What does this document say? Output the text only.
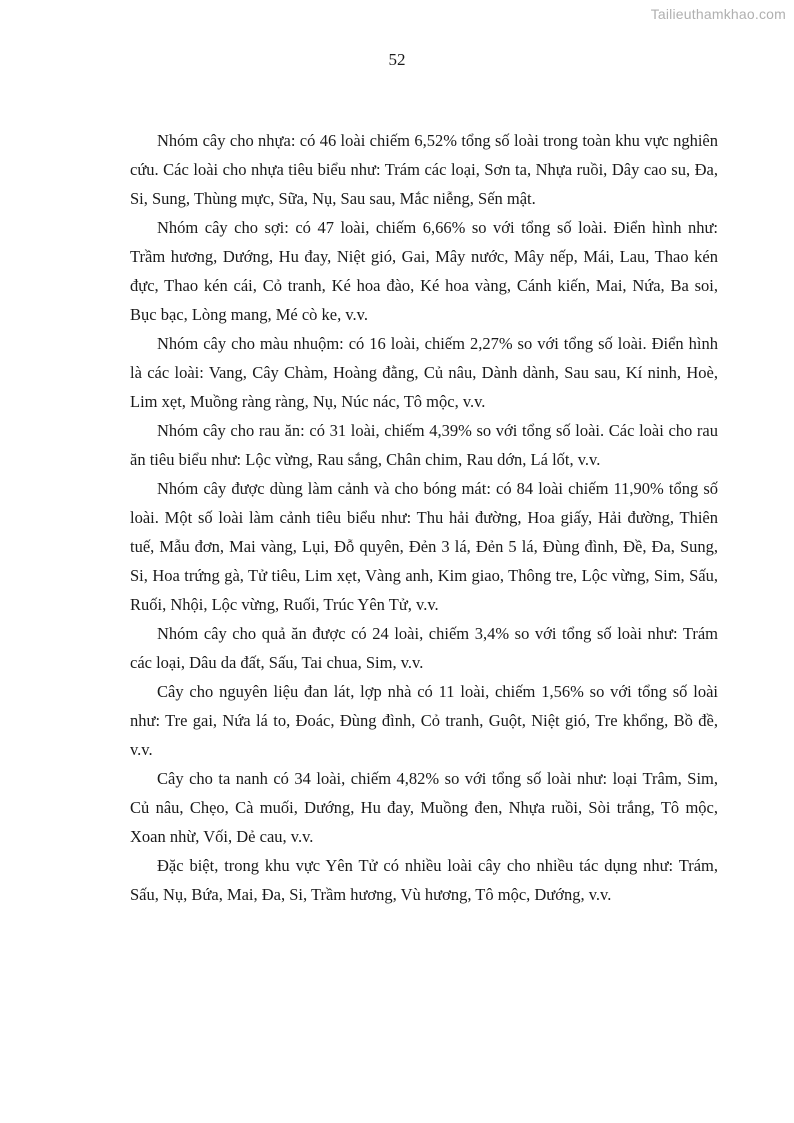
Tailieuthamkhao.com
52

Nhóm cây cho nhựa: có 46 loài chiếm 6,52% tổng số loài trong toàn khu vực nghiên cứu. Các loài cho nhựa tiêu biểu như: Trám các loại, Sơn ta, Nhựa ruồi, Dây cao su, Đa, Si, Sung, Thùng mực, Sữa, Nụ, Sau sau, Mắc niễng, Sến mật.

Nhóm cây cho sợi: có 47 loài, chiếm 6,66% so với tổng số loài. Điển hình như: Trầm hương, Dướng, Hu đay, Niệt gió, Gai, Mây nước, Mây nếp, Mái, Lau, Thao kén đực, Thao kén cái, Cỏ tranh, Ké hoa đào, Ké hoa vàng, Cánh kiến, Mai, Nứa, Ba soi, Bục bạc, Lòng mang, Mé cò ke, v.v.

Nhóm cây cho màu nhuộm: có 16 loài, chiếm 2,27% so với tổng số loài. Điển hình là các loài: Vang, Cây Chàm, Hoàng đằng, Củ nâu, Dành dành, Sau sau, Kí ninh, Hoè, Lim xẹt, Muồng ràng ràng, Nụ, Núc nác, Tô mộc, v.v.

Nhóm cây cho rau ăn: có 31 loài, chiếm 4,39% so với tổng số loài. Các loài cho rau ăn tiêu biểu như: Lộc vừng, Rau sắng, Chân chim, Rau dớn, Lá lốt, v.v.

Nhóm cây được dùng làm cảnh và cho bóng mát: có 84 loài chiếm 11,90% tổng số loài. Một số loài làm cảnh tiêu biểu như: Thu hải đường, Hoa giấy, Hải đường, Thiên tuế, Mẫu đơn, Mai vàng, Lụi, Đỗ quyên, Đẻn 3 lá, Đẻn 5 lá, Đùng đình, Đề, Đa, Sung, Si, Hoa trứng gà, Tử tiêu, Lim xẹt, Vàng anh, Kim giao, Thông tre, Lộc vừng, Sim, Sấu, Ruối, Nhội, Lộc vừng, Ruối, Trúc Yên Tử, v.v.

Nhóm cây cho quả ăn được có 24 loài, chiếm 3,4% so với tổng số loài như: Trám các loại, Dâu da đất, Sấu, Tai chua, Sim, v.v.

Cây cho nguyên liệu đan lát, lợp nhà có 11 loài, chiếm 1,56% so với tổng số loài như: Tre gai, Nứa lá to, Đoác, Đùng đình, Cỏ tranh, Guột, Niệt gió, Tre khổng, Bồ đề, v.v.

Cây cho ta nanh có 34 loài, chiếm 4,82% so với tổng số loài như: loại Trâm, Sim, Củ nâu, Chẹo, Cà muối, Dướng, Hu đay, Muồng đen, Nhựa ruồi, Sòi trắng, Tô mộc, Xoan nhừ, Vối, Dẻ cau, v.v.

Đặc biệt, trong khu vực Yên Tử có nhiều loài cây cho nhiều tác dụng như: Trám, Sấu, Nụ, Bứa, Mai, Đa, Si, Trầm hương, Vù hương, Tô mộc, Dướng, v.v.
